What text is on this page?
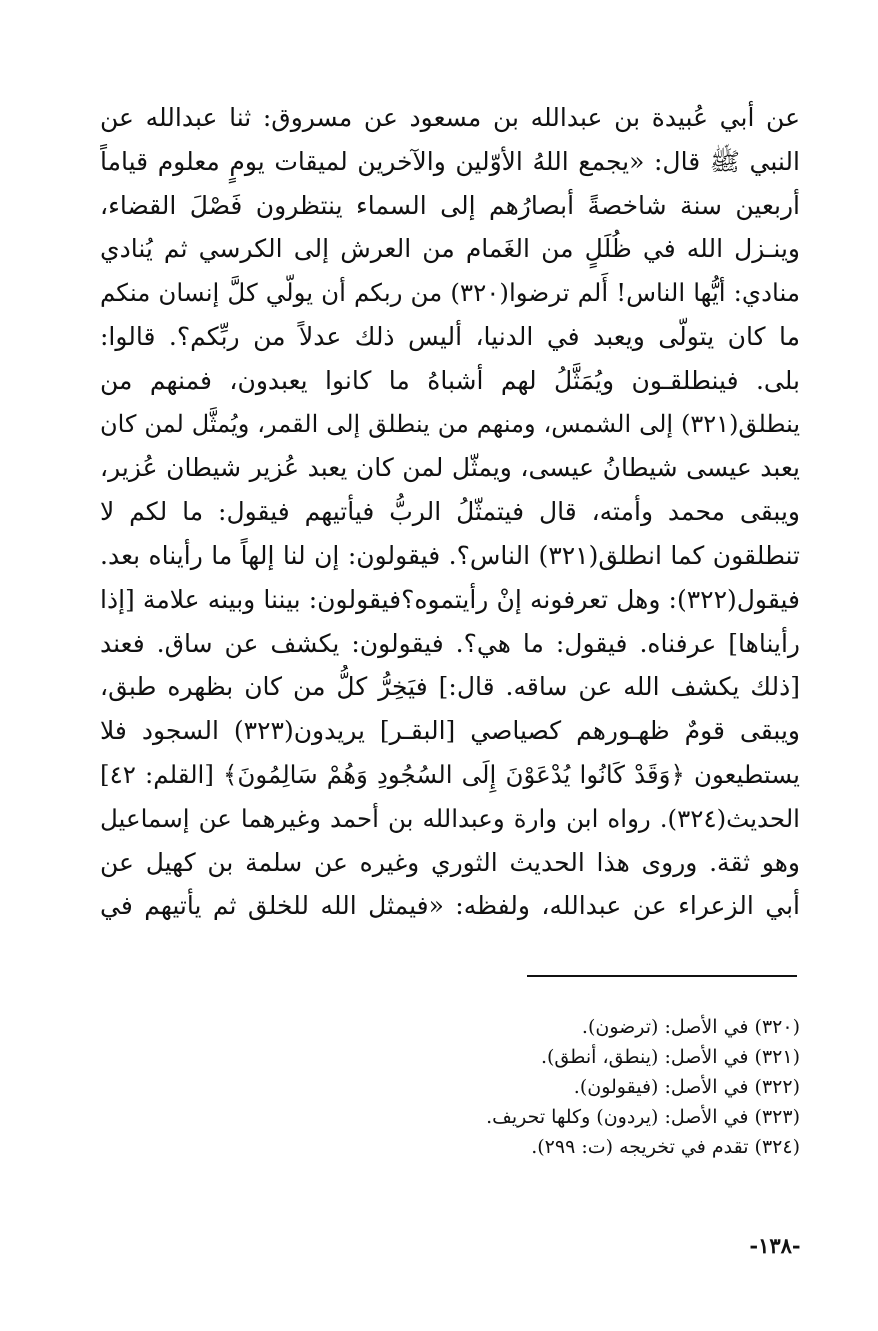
عن أبي عُبيدة بن عبدالله بن مسعود عن مسروق: ثنا عبدالله عن
النبي ﷺ قال: «يجمع اللهُ الأوّلين والآخرين لميقات يومٍ معلوم قياماً
أربعين سنة شاخصةً أبصارُهم إلى السماء ينتظرون فَصْلَ القضاء،
وينـزل الله في ظُلَلٍ من الغَمام من العرش إلى الكرسي ثم يُنادي
منادي: أيُّها الناس! أَلم ترضوا(٣٢٠) من ربكم أن يولّي كلَّ إنسان منكم
ما كان يتولّى ويعبد في الدنيا، أليس ذلك عدلاً من ربِّكم؟. قالوا:
بلى. فينطلقـون ويُمَثَّلُ لهم أشباهُ ما كانوا يعبدون، فمنهم من
ينطلق(٣٢١) إلى الشمس، ومنهم من ينطلق إلى القمر، ويُمثَّل لمن كان
يعبد عيسى شيطانُ عيسى، ويمثّل لمن كان يعبد عُزير شيطان عُزير،
ويبقى محمد وأمته، قال فيتمثّلُ الربُّ فيأتيهم فيقول: ما لكم لا
تنطلقون كما انطلق(٣٢١) الناس؟. فيقولون: إن لنا إلهاً ما رأيناه بعد.
فيقول(٣٢٢): وهل تعرفونه إنْ رأيتموه؟فيقولون: بيننا وبينه علامة [إذا
رأيناها] عرفناه. فيقول: ما هي؟. فيقولون: يكشف عن ساق. فعند
[ذلك يكشف الله عن ساقه. قال:] فيَخِرُّ كلُّ من كان بظهره طبق،
ويبقى قومٌ ظهـورهم كصياصي [البقـر] يريدون(٣٢٣) السجود فلا
يستطيعون ﴿وَقَدْ كَانُوا يُدْعَوْنَ إِلَى السُجُودِ وَهُمْ سَالِمُونَ﴾ [القلم: ٤٢]
الحديث(٣٢٤). رواه ابن وارة وعبدالله بن أحمد وغيرهما عن إسماعيل
وهو ثقة. وروى هذا الحديث الثوري وغيره عن سلمة بن كهيل عن
أبي الزعراء عن عبدالله، ولفظه: «فيمثل الله للخلق ثم يأتيهم في
(٣٢٠) في الأصل: (ترضون).
(٣٢١) في الأصل: (ينطق، أنطق).
(٣٢٢) في الأصل: (فيقولون).
(٣٢٣) في الأصل: (يردون) وكلها تحريف.
(٣٢٤) تقدم في تخريجه (ت: ٢٩٩).
-١٣٨-
